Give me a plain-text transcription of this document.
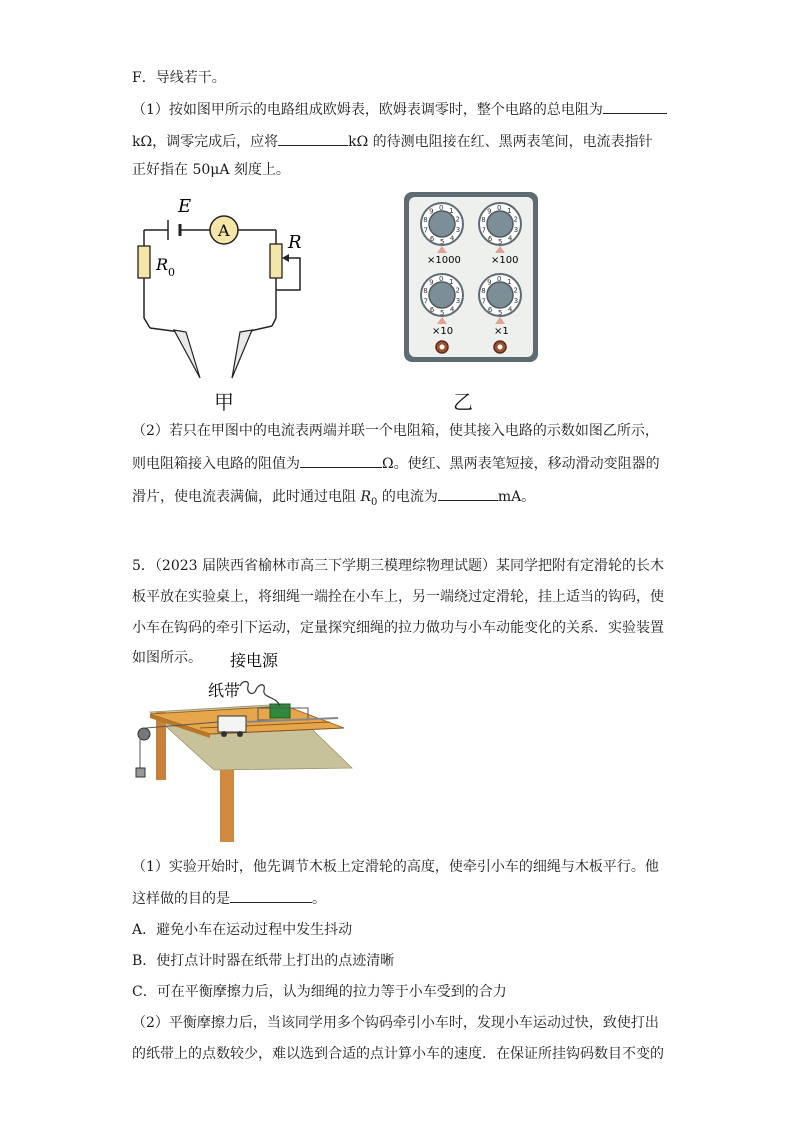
F．导线若干。
（1）按如图甲所示的电路组成欧姆表，欧姆表调零时，整个电路的总电阻为
kΩ，调零完成后，应将	kΩ 的待测电阻接在红、黑两表笔间，电流表指针
正好指在 50μA 刻度上。
E
A
R
R 0
甲
×1000	×100
×10	×1
1
2
3
4
5
6
7
8
9 0	1
2
3
4
5
6
7
8
9 0
1
2
3
4
5
6
7
8
9 0	1
2
3
4
5
6
7
8
9 0
乙
（2）若只在甲图中的电流表两端并联一个电阻箱，使其接入电路的示数如图乙所示，
则电阻箱接入电路的阻值为	Ω。使红、黑两表笔短接，移动滑动变阻器的
滑片，使电流表满偏，此时通过电阻 $R_0$ 的电流为	mA。
5．（2023 届陕西省榆林市高三下学期三模理综物理试题）某同学把附有定滑轮的长木
板平放在实验桌上，将细绳一端拴在小车上，另一端绕过定滑轮，挂上适当的钩码，使
小车在钩码的牵引下运动，定量探究细绳的拉力做功与小车动能变化的关系．实验装置
如图所示。 接电源
纸带
（1）实验开始时，他先调节木板上定滑轮的高度，使牵引小车的细绳与木板平行。他
这样做的目的是	。
A．避免小车在运动过程中发生抖动
B．使打点计时器在纸带上打出的点迹清晰
C．可在平衡摩擦力后，认为细绳的拉力等于小车受到的合力
（2）平衡摩擦力后，当该同学用多个钩码牵引小车时，发现小车运动过快，致使打出
的纸带上的点数较少，难以选到合适的点计算小车的速度．在保证所挂钩码数目不变的
